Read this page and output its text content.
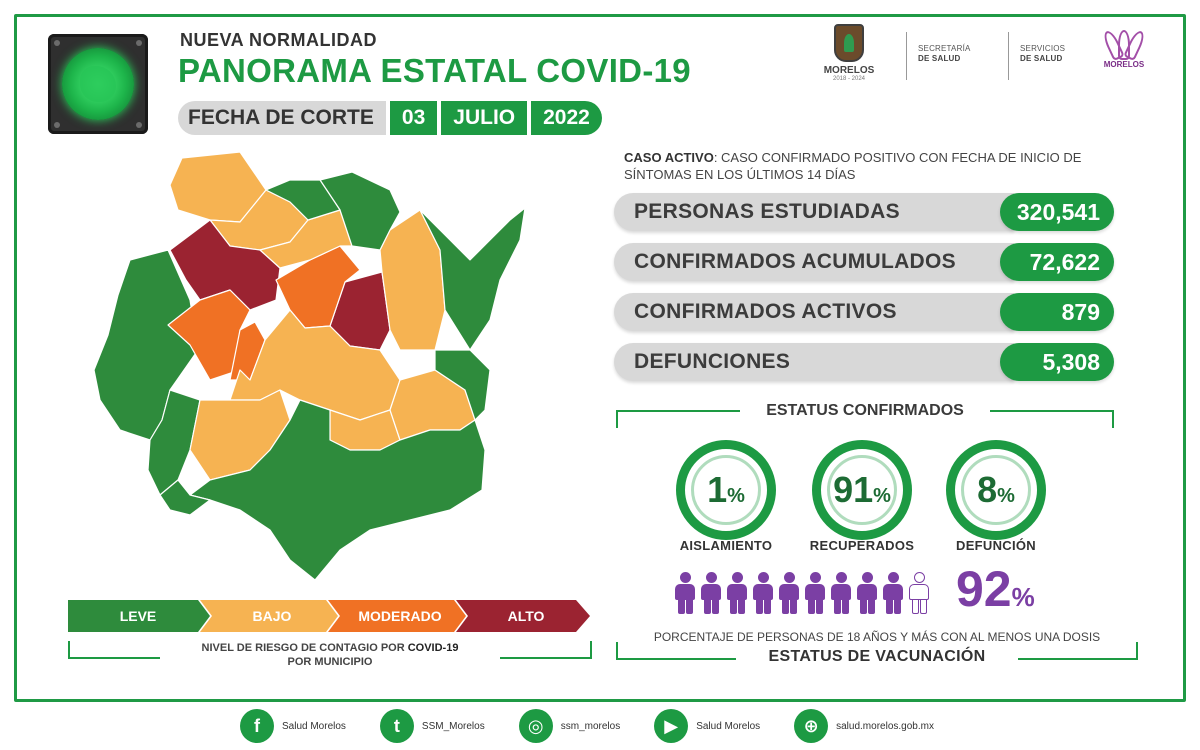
NUEVA NORMALIDAD
PANORAMA ESTATAL COVID-19
FECHA DE CORTE	03	JULIO	2022
MORELOS
2018 - 2024
SECRETARÍA
DE SALUD
SERVICIOS
DE SALUD
MORELOS
LEVE	BAJO	MODERADO	ALTO
NIVEL DE RIESGO DE CONTAGIO POR COVID-19
POR MUNICIPIO
CASO ACTIVO: CASO CONFIRMADO POSITIVO CON FECHA DE INICIO DE SÍNTOMAS EN LOS ÚLTIMOS 14 DÍAS
PERSONAS ESTUDIADAS	320,541
CONFIRMADOS ACUMULADOS	72,622
CONFIRMADOS ACTIVOS	879
DEFUNCIONES	5,308
ESTATUS CONFIRMADOS
1%
AISLAMIENTO
91%
RECUPERADOS
8%
DEFUNCIÓN
92%
PORCENTAJE DE PERSONAS DE 18 AÑOS Y MÁS CON AL MENOS UNA DOSIS
ESTATUS DE VACUNACIÓN
f	Salud Morelos	t	SSM_Morelos	◎	ssm_morelos	▶	Salud Morelos	⊕	salud.morelos.gob.mx
